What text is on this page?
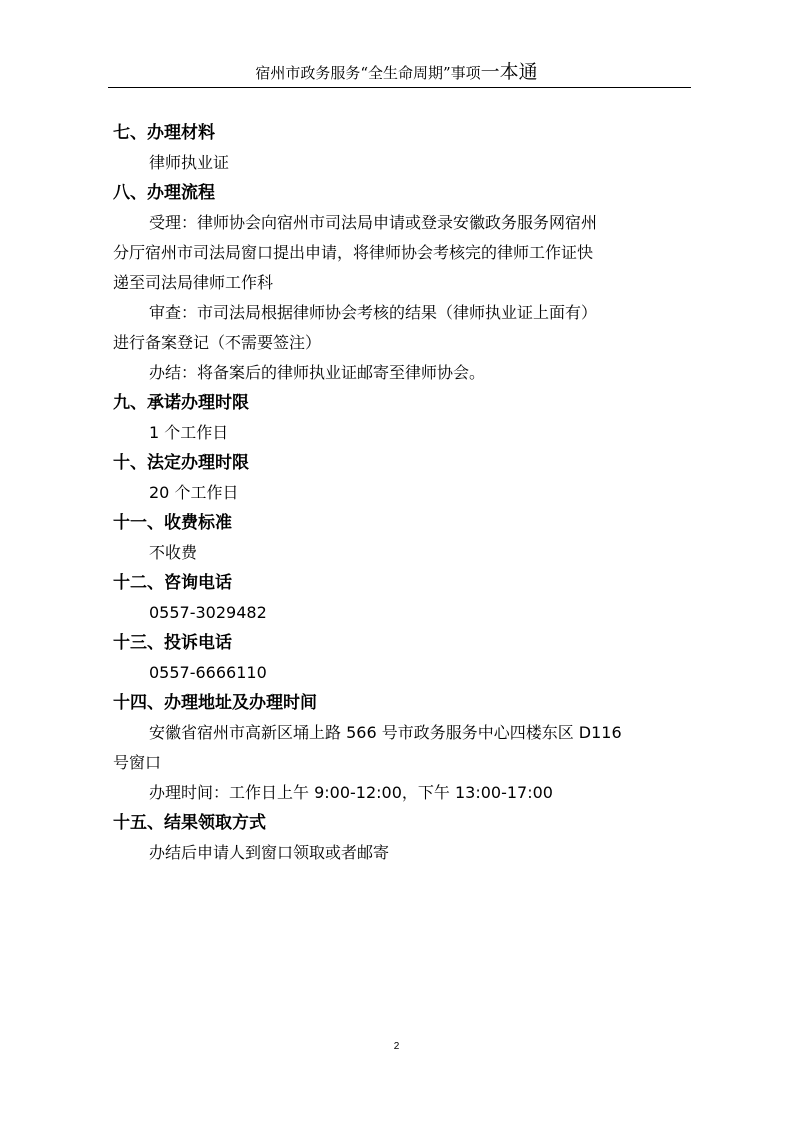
宿州市政务服务“全生命周期”事项一本通
七、办理材料
律师执业证
八、办理流程
受理：律师协会向宿州市司法局申请或登录安徽政务服务网宿州
分厅宿州市司法局窗口提出申请，将律师协会考核完的律师工作证快
递至司法局律师工作科
审查：市司法局根据律师协会考核的结果（律师执业证上面有）
进行备案登记（不需要签注）
办结：将备案后的律师执业证邮寄至律师协会。
九、承诺办理时限
1 个工作日
十、法定办理时限
20 个工作日
十一、收费标准
不收费
十二、咨询电话
0557-3029482
十三、投诉电话
0557-6666110
十四、办理地址及办理时间
安徽省宿州市高新区埇上路 566 号市政务服务中心四楼东区 D116
号窗口
办理时间：工作日上午 9:00-12:00，下午 13:00-17:00
十五、结果领取方式
办结后申请人到窗口领取或者邮寄
2
